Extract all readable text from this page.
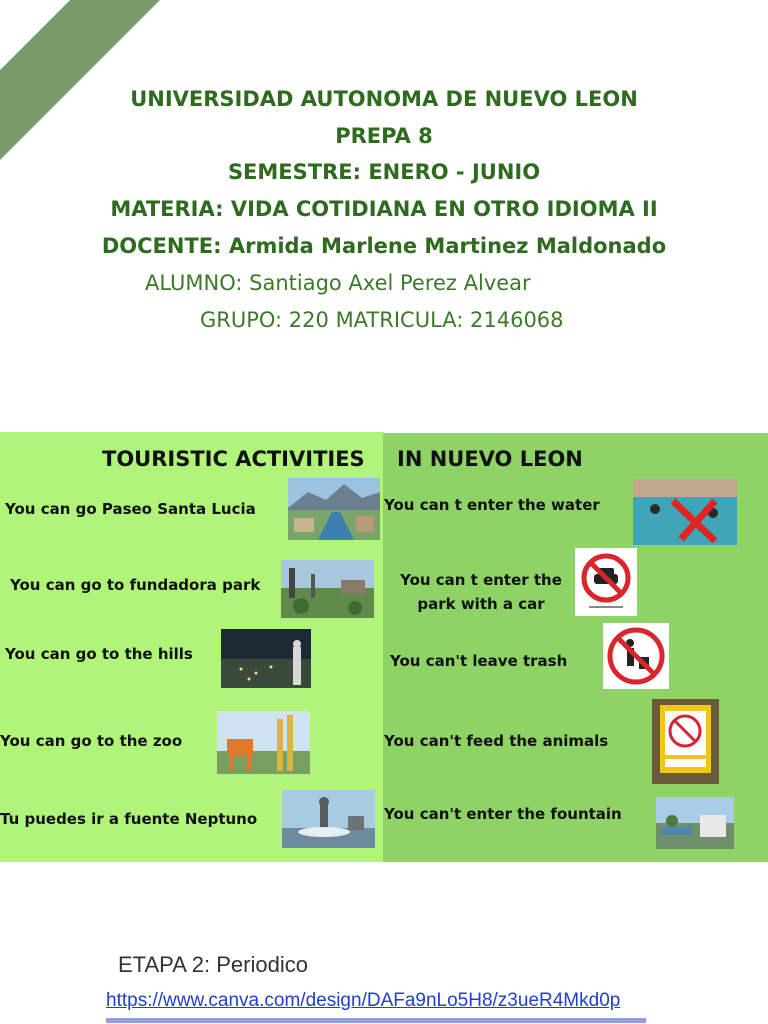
UNIVERSIDAD AUTONOMA DE NUEVO LEON
PREPA 8
SEMESTRE: ENERO - JUNIO
MATERIA: VIDA COTIDIANA EN OTRO IDIOMA II
DOCENTE: Armida Marlene Martinez Maldonado
ALUMNO: Santiago Axel Perez Alvear
GRUPO: 220 MATRICULA: 2146068
TOURISTIC ACTIVITIES
You can go Paseo Santa Lucia
You can go to fundadora park
You can go to the hills
You can go to the zoo
Tu puedes ir a fuente Neptuno
IN NUEVO LEON
You can t enter the water
You can t enter the park with a car
You can't leave trash
You can't feed the animals
You can't enter the fountain
ETAPA 2: Periodico
https://www.canva.com/design/DAFa9nLo5H8/z3ueR4Mkd0p
